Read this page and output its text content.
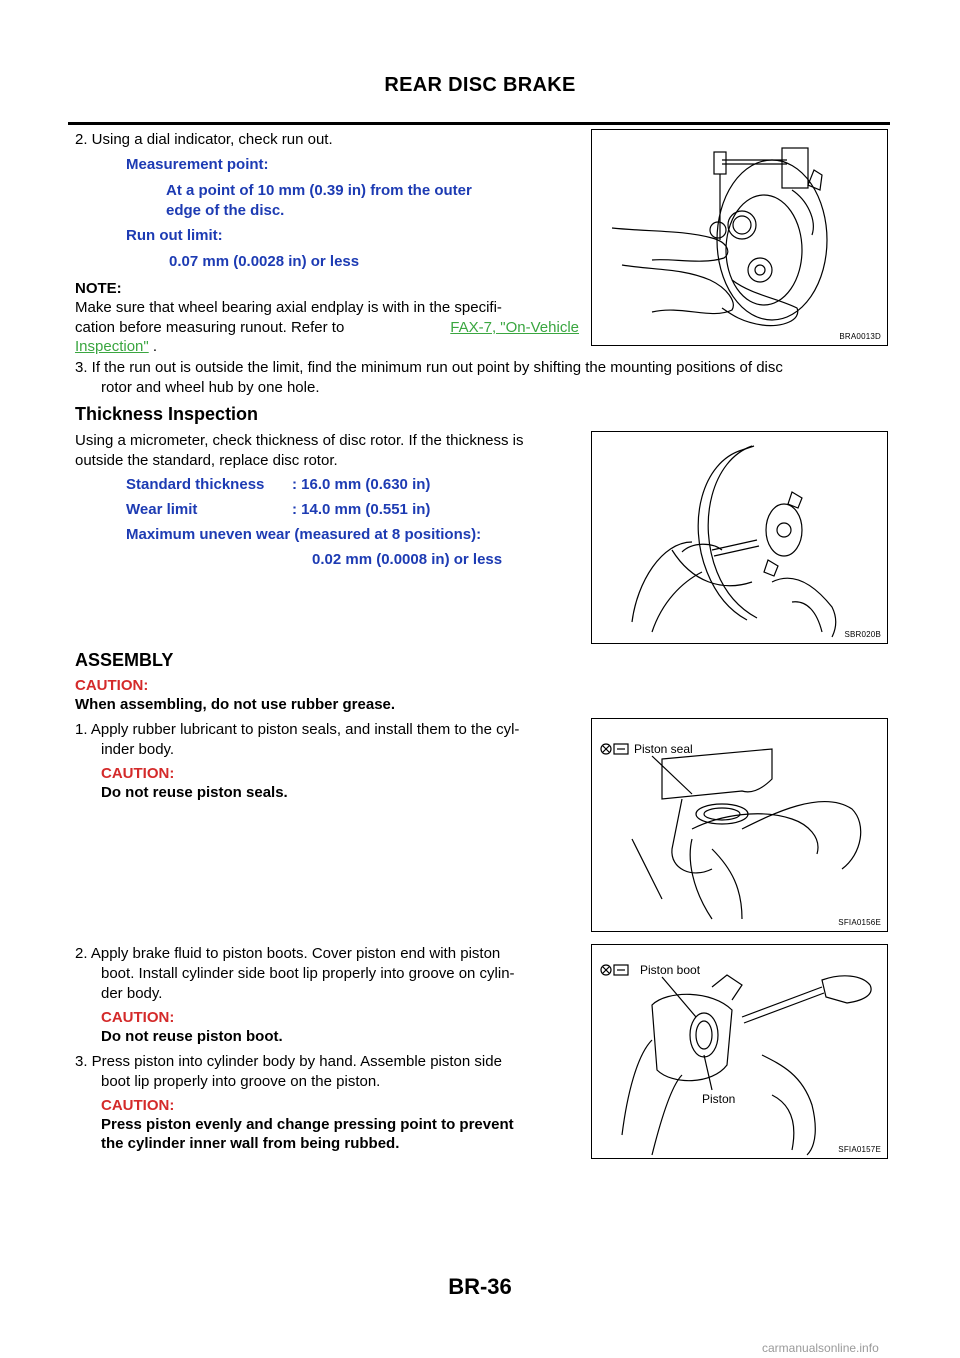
REAR DISC BRAKE
2. Using a dial indicator, check run out.
Measurement point:
At a point of 10 mm (0.39 in) from the outer
edge of the disc.
Run out limit:
0.07 mm (0.0028 in) or less
NOTE:
Make sure that wheel bearing axial endplay is with in the specifi-
cation before measuring runout. Refer to	FAX-7, "On-Vehicle
Inspection" .
BRA0013D
3. If the run out is outside the limit, find the minimum run out point by shifting the mounting positions of disc
rotor and wheel hub by one hole.
Thickness Inspection
Using a micrometer, check thickness of disc rotor. If the thickness is
outside the standard, replace disc rotor.
Standard thickness : 16.0 mm (0.630 in)
Wear limit	: 14.0 mm (0.551 in)
Maximum uneven wear (measured at 8 positions):
0.02 mm (0.0008 in) or less
SBR020B
ASSEMBLY
CAUTION:
When assembling, do not use rubber grease.
1. Apply rubber lubricant to piston seals, and install them to the cyl-
inder body.
CAUTION:
Do not reuse piston seals.
Piston seal
SFIA0156E
2. Apply brake fluid to piston boots. Cover piston end with piston
boot. Install cylinder side boot lip properly into groove on cylin-
der body.
CAUTION:
Do not reuse piston boot.
3. Press piston into cylinder body by hand. Assemble piston side
boot lip properly into groove on the piston.
CAUTION:
Press piston evenly and change pressing point to prevent
the cylinder inner wall from being rubbed.
Piston boot
Piston
SFIA0157E
BR-36
carmanualsonline.info
